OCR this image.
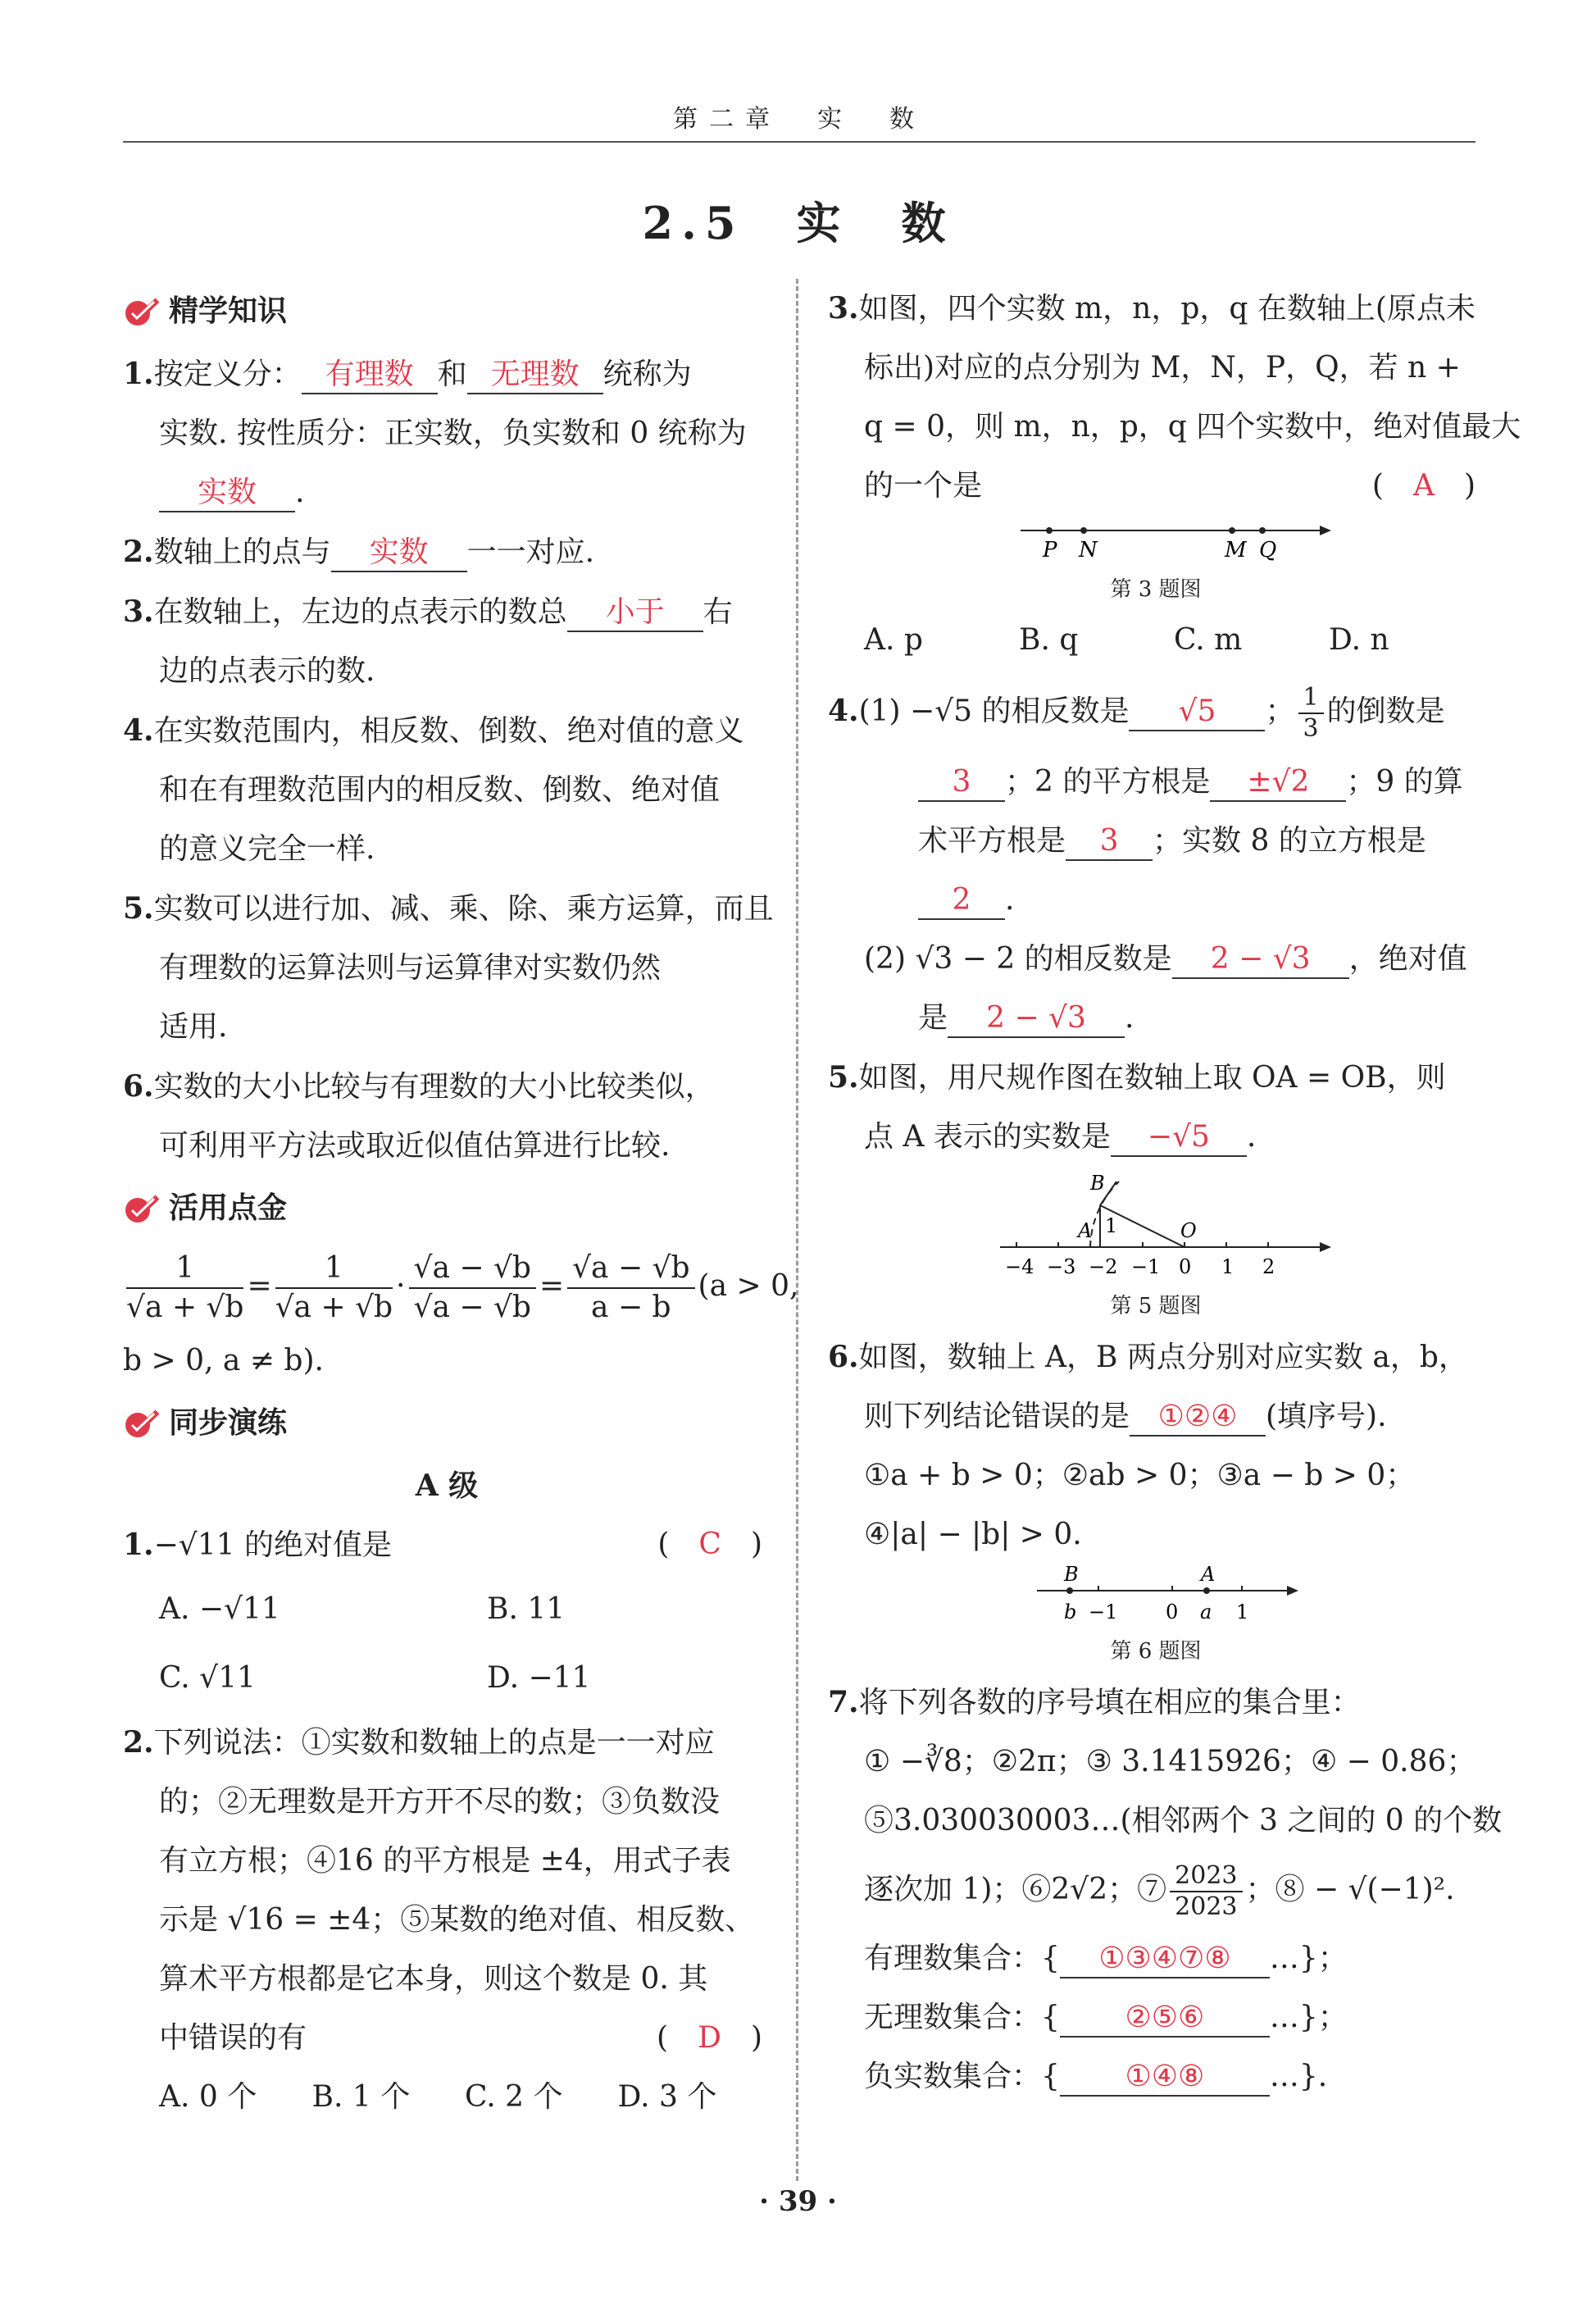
第二章　实　数
2.5　实　数
精学知识
1.按定义分： 有理数 和 无理数 统称为
实数. 按性质分：正实数，负实数和 0 统称为
实数 .
2.数轴上的点与 实数 一一对应.
3.在数轴上，左边的点表示的数总 小于 右
边的点表示的数.
4.在实数范围内，相反数、倒数、绝对值的意义
和在有理数范围内的相反数、倒数、绝对值
的意义完全一样.
5.实数可以进行加、减、乘、除、乘方运算，而且
有理数的运算法则与运算律对实数仍然
适用.
6.实数的大小比较与有理数的大小比较类似，
可利用平方法或取近似值估算进行比较.
活用点金
$\frac{1}{√a + √b} = \frac{1}{√a + √b} \cdot \frac{√a - √b}{√a - √b} = \frac{√a - √b}{a - b} (a > 0$,
b > 0, a ≠ b).
同步演练
A 级
1.−√11 的绝对值是	(　C　)
A. −√11	B. 11
C. √11	D. −11
2.下列说法：①实数和数轴上的点是一一对应
的；②无理数是开方开不尽的数；③负数没
有立方根；④16 的平方根是 ±4，用式子表
示是 √16 = ±4；⑤某数的绝对值、相反数、
算术平方根都是它本身，则这个数是 0. 其
中错误的有	(　D　)
A. 0 个	B. 1 个	C. 2 个	D. 3 个
3.如图，四个实数 m，n，p，q 在数轴上(原点未
标出)对应的点分别为 M，N，P，Q，若 n +
q = 0，则 m，n，p，q 四个实数中，绝对值最大
的一个是	(　A　)
P N	M Q
第 3 题图
A. p	B. q	C. m	D. n
4.(1) −√5 的相反数是 √5 ； $\frac{1}{3}$ 的倒数是
3 ；2 的平方根是 ±√2 ；9 的算
术平方根是 3 ；实数 8 的立方根是
2 .
(2) √3 − 2 的相反数是 2 − √3 ，绝对值
是 2 − √3 .
5.如图，用尺规作图在数轴上取 OA = OB，则
点 A 表示的实数是 −√5 .
B
A 1	O
−4 −3 −2 −1 0 1 2
第 5 题图
6.如图，数轴上 A，B 两点分别对应实数 a，b，
则下列结论错误的是 ①②④ (填序号).
①a + b > 0；②ab > 0；③a − b > 0；
④|a| − |b| > 0.
B	A
b −1 0 a 1
第 6 题图
7.将下列各数的序号填在相应的集合里：
① −∛8；②2π；③ 3.1415926；④ − 0.86；
⑤3.030030003…(相邻两个 3 之间的 0 的个数
逐次加 1)；⑥2√2；⑦ $\frac{2023}{2023}$ ；⑧ − √(−1)².
有理数集合：{ ①③④⑦⑧ …}；
无理数集合：{ ②⑤⑥ …}；
负实数集合：{ ①④⑧ …}.
· 39 ·
